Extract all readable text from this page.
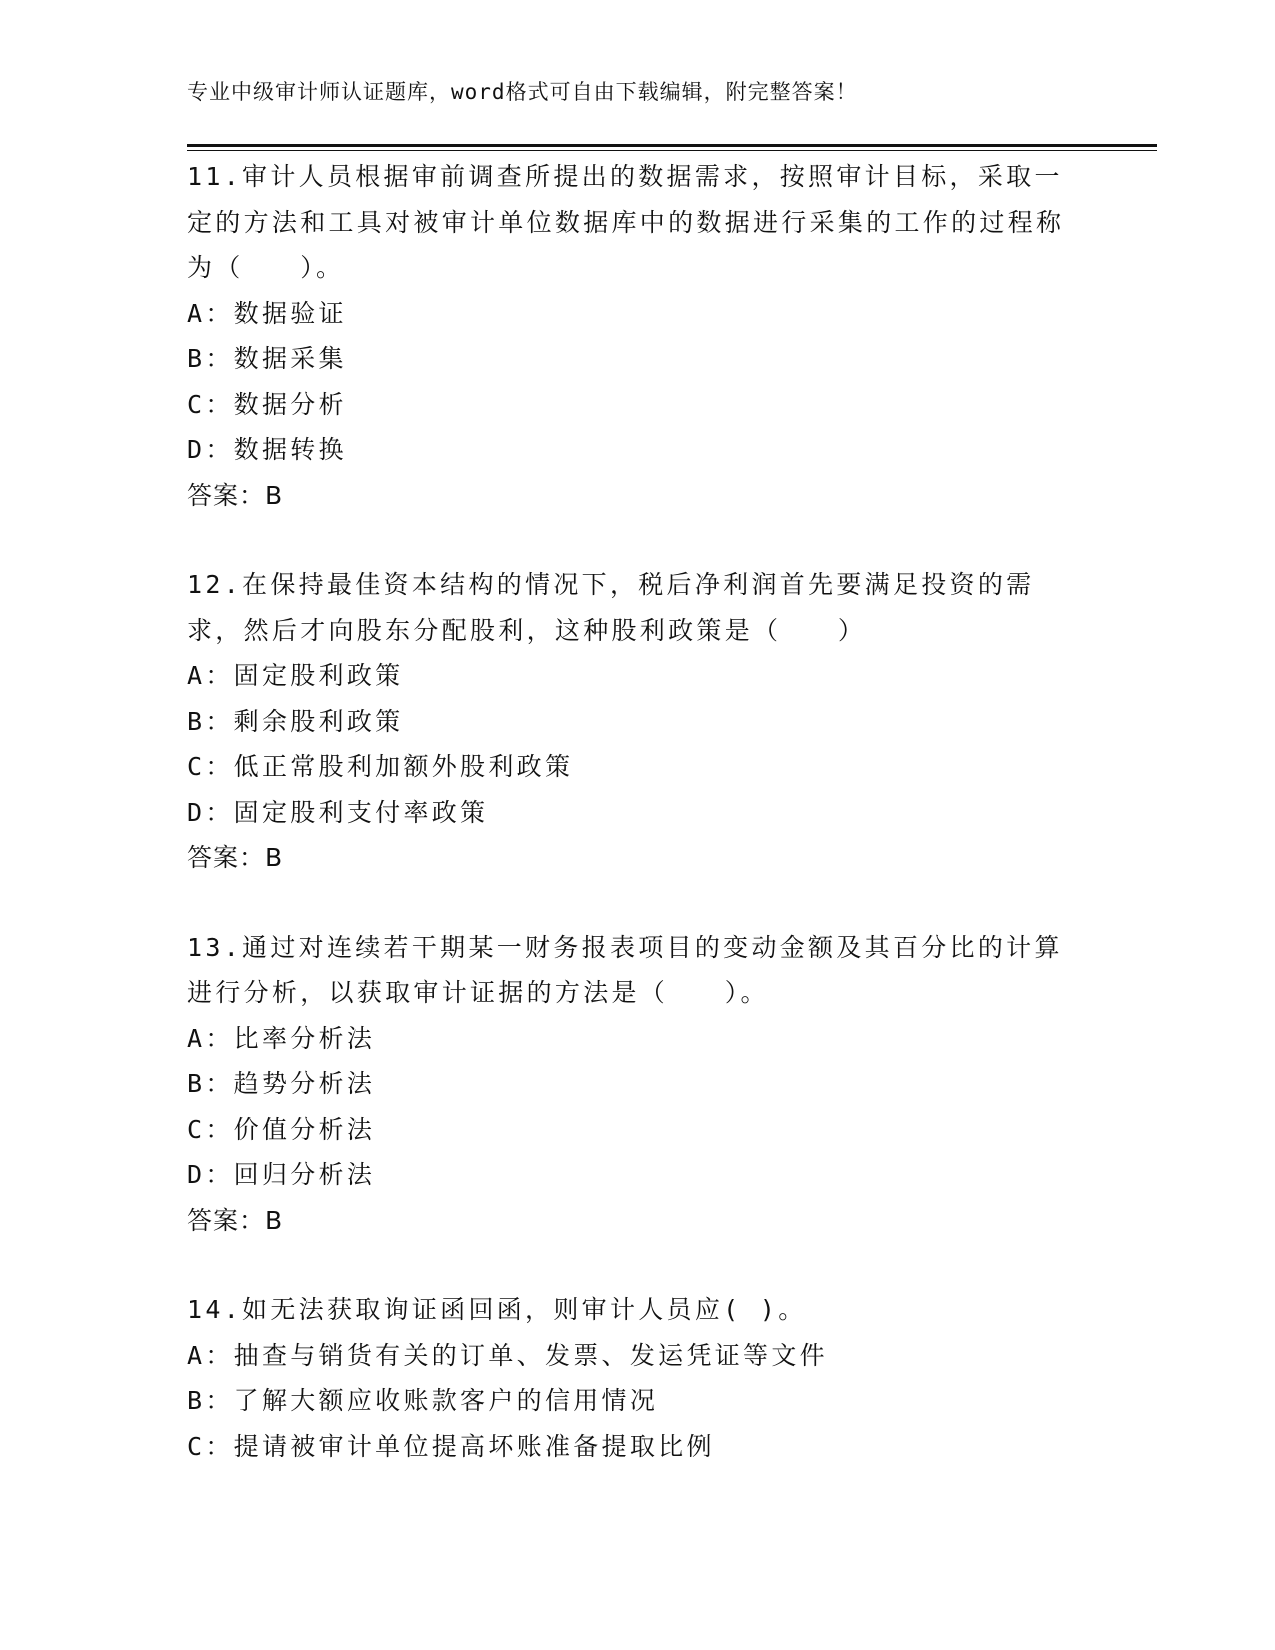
专业中级审计师认证题库，word格式可自由下载编辑，附完整答案！

11.审计人员根据审前调查所提出的数据需求，按照审计目标，采取一定的方法和工具对被审计单位数据库中的数据进行采集的工作的过程称为（　　）。

A：数据验证

B：数据采集

C：数据分析

D：数据转换

答案：B

12.在保持最佳资本结构的情况下，税后净利润首先要满足投资的需求，然后才向股东分配股利，这种股利政策是（　　）

A：固定股利政策

B：剩余股利政策

C：低正常股利加额外股利政策

D：固定股利支付率政策

答案：B

13.通过对连续若干期某一财务报表项目的变动金额及其百分比的计算进行分析，以获取审计证据的方法是（　　）。

A：比率分析法

B：趋势分析法

C：价值分析法

D：回归分析法

答案：B

14.如无法获取询证函回函，则审计人员应( )。

A：抽查与销货有关的订单、发票、发运凭证等文件

B：了解大额应收账款客户的信用情况

C：提请被审计单位提高坏账准备提取比例
